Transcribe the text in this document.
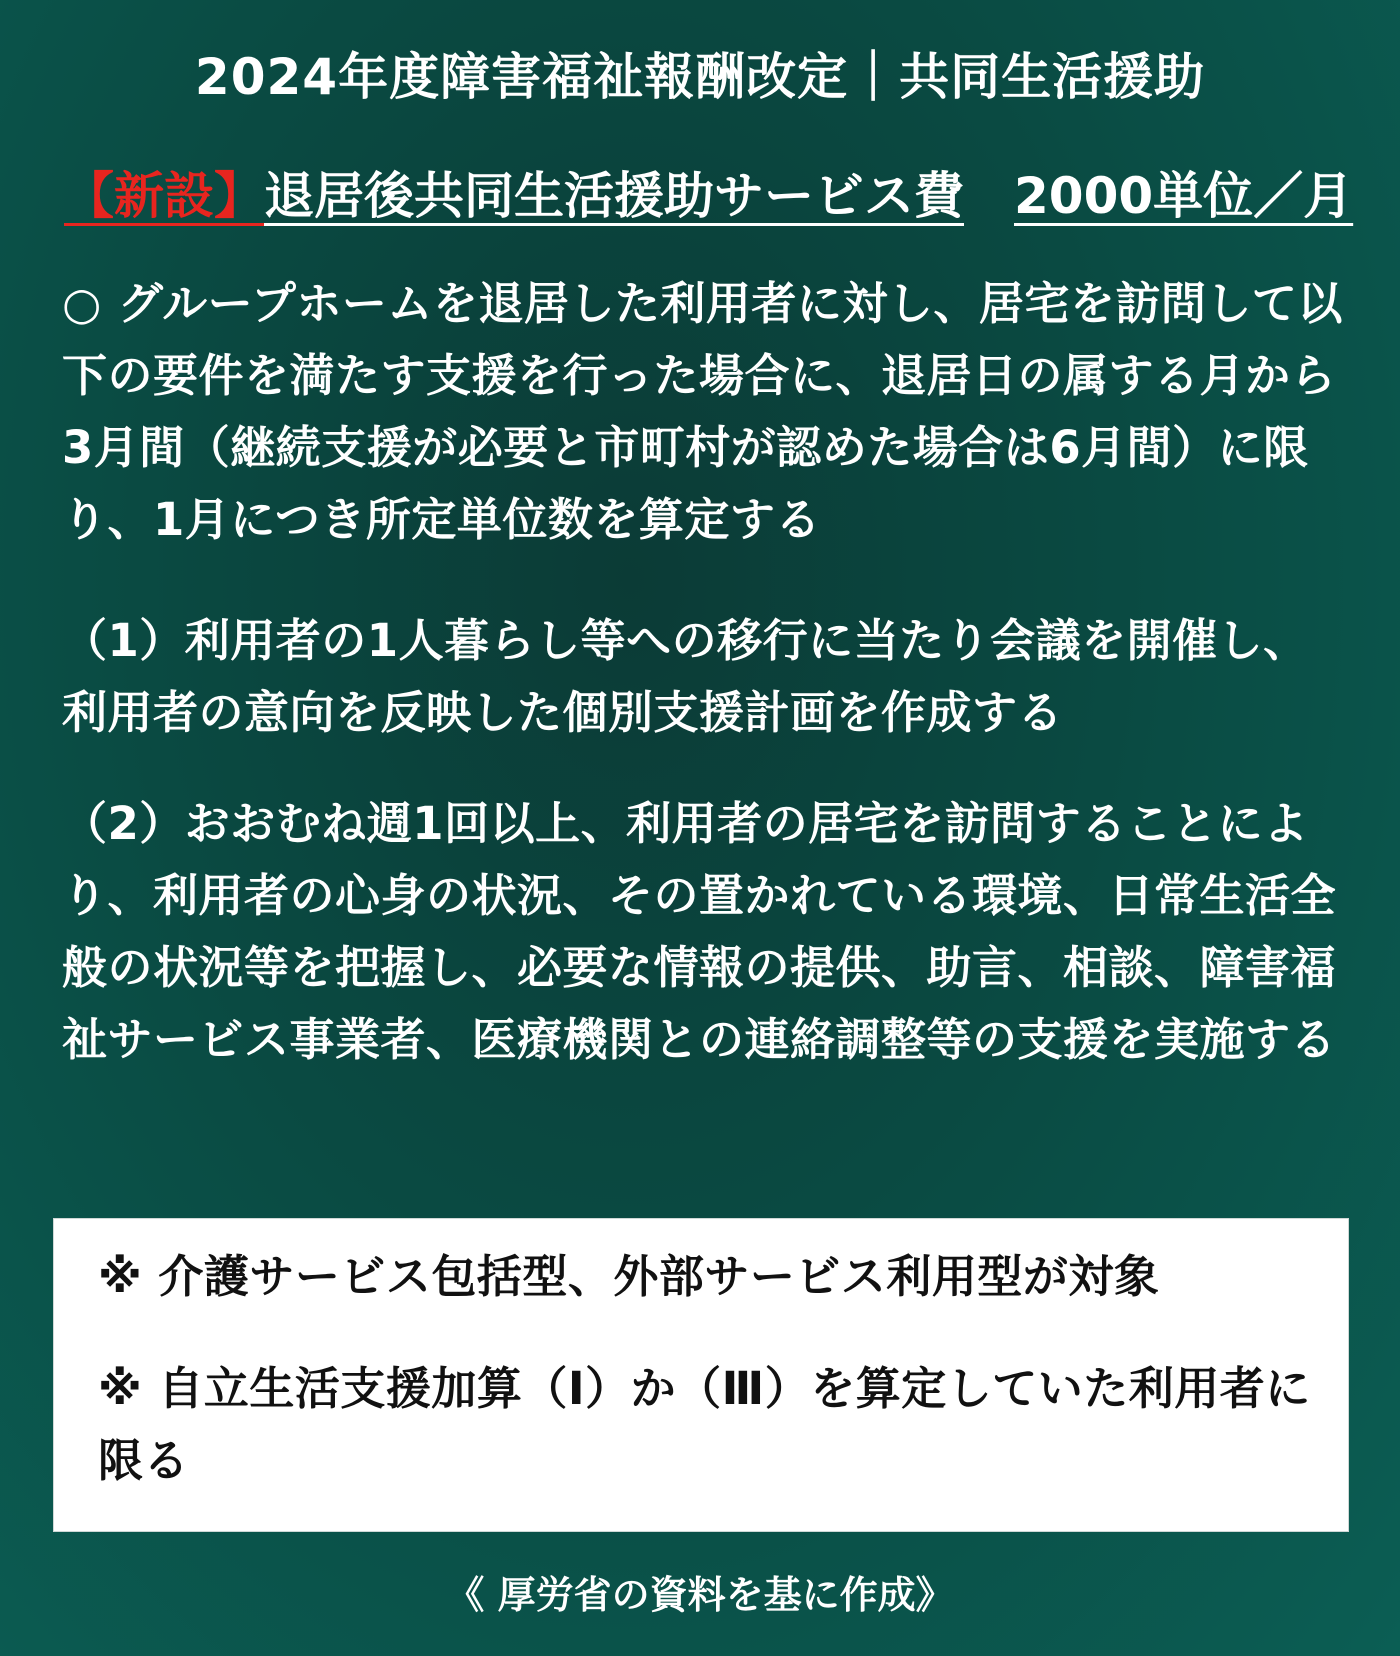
2024年度障害福祉報酬改定｜共同生活援助
【新設】退居後共同生活援助サービス費 2000単位／月
○ グループホームを退居した利用者に対し、居宅を訪問して以下の要件を満たす支援を行った場合に、退居日の属する月から3月間（継続支援が必要と市町村が認めた場合は6月間）に限り、1月につき所定単位数を算定する
（1）利用者の1人暮らし等への移行に当たり会議を開催し、利用者の意向を反映した個別支援計画を作成する
（2）おおむね週1回以上、利用者の居宅を訪問することにより、利用者の心身の状況、その置かれている環境、日常生活全般の状況等を把握し、必要な情報の提供、助言、相談、障害福祉サービス事業者、医療機関との連絡調整等の支援を実施する
※ 介護サービス包括型、外部サービス利用型が対象
※ 自立生活支援加算（Ⅰ）か（Ⅲ）を算定していた利用者に限る
《 厚労省の資料を基に作成》
